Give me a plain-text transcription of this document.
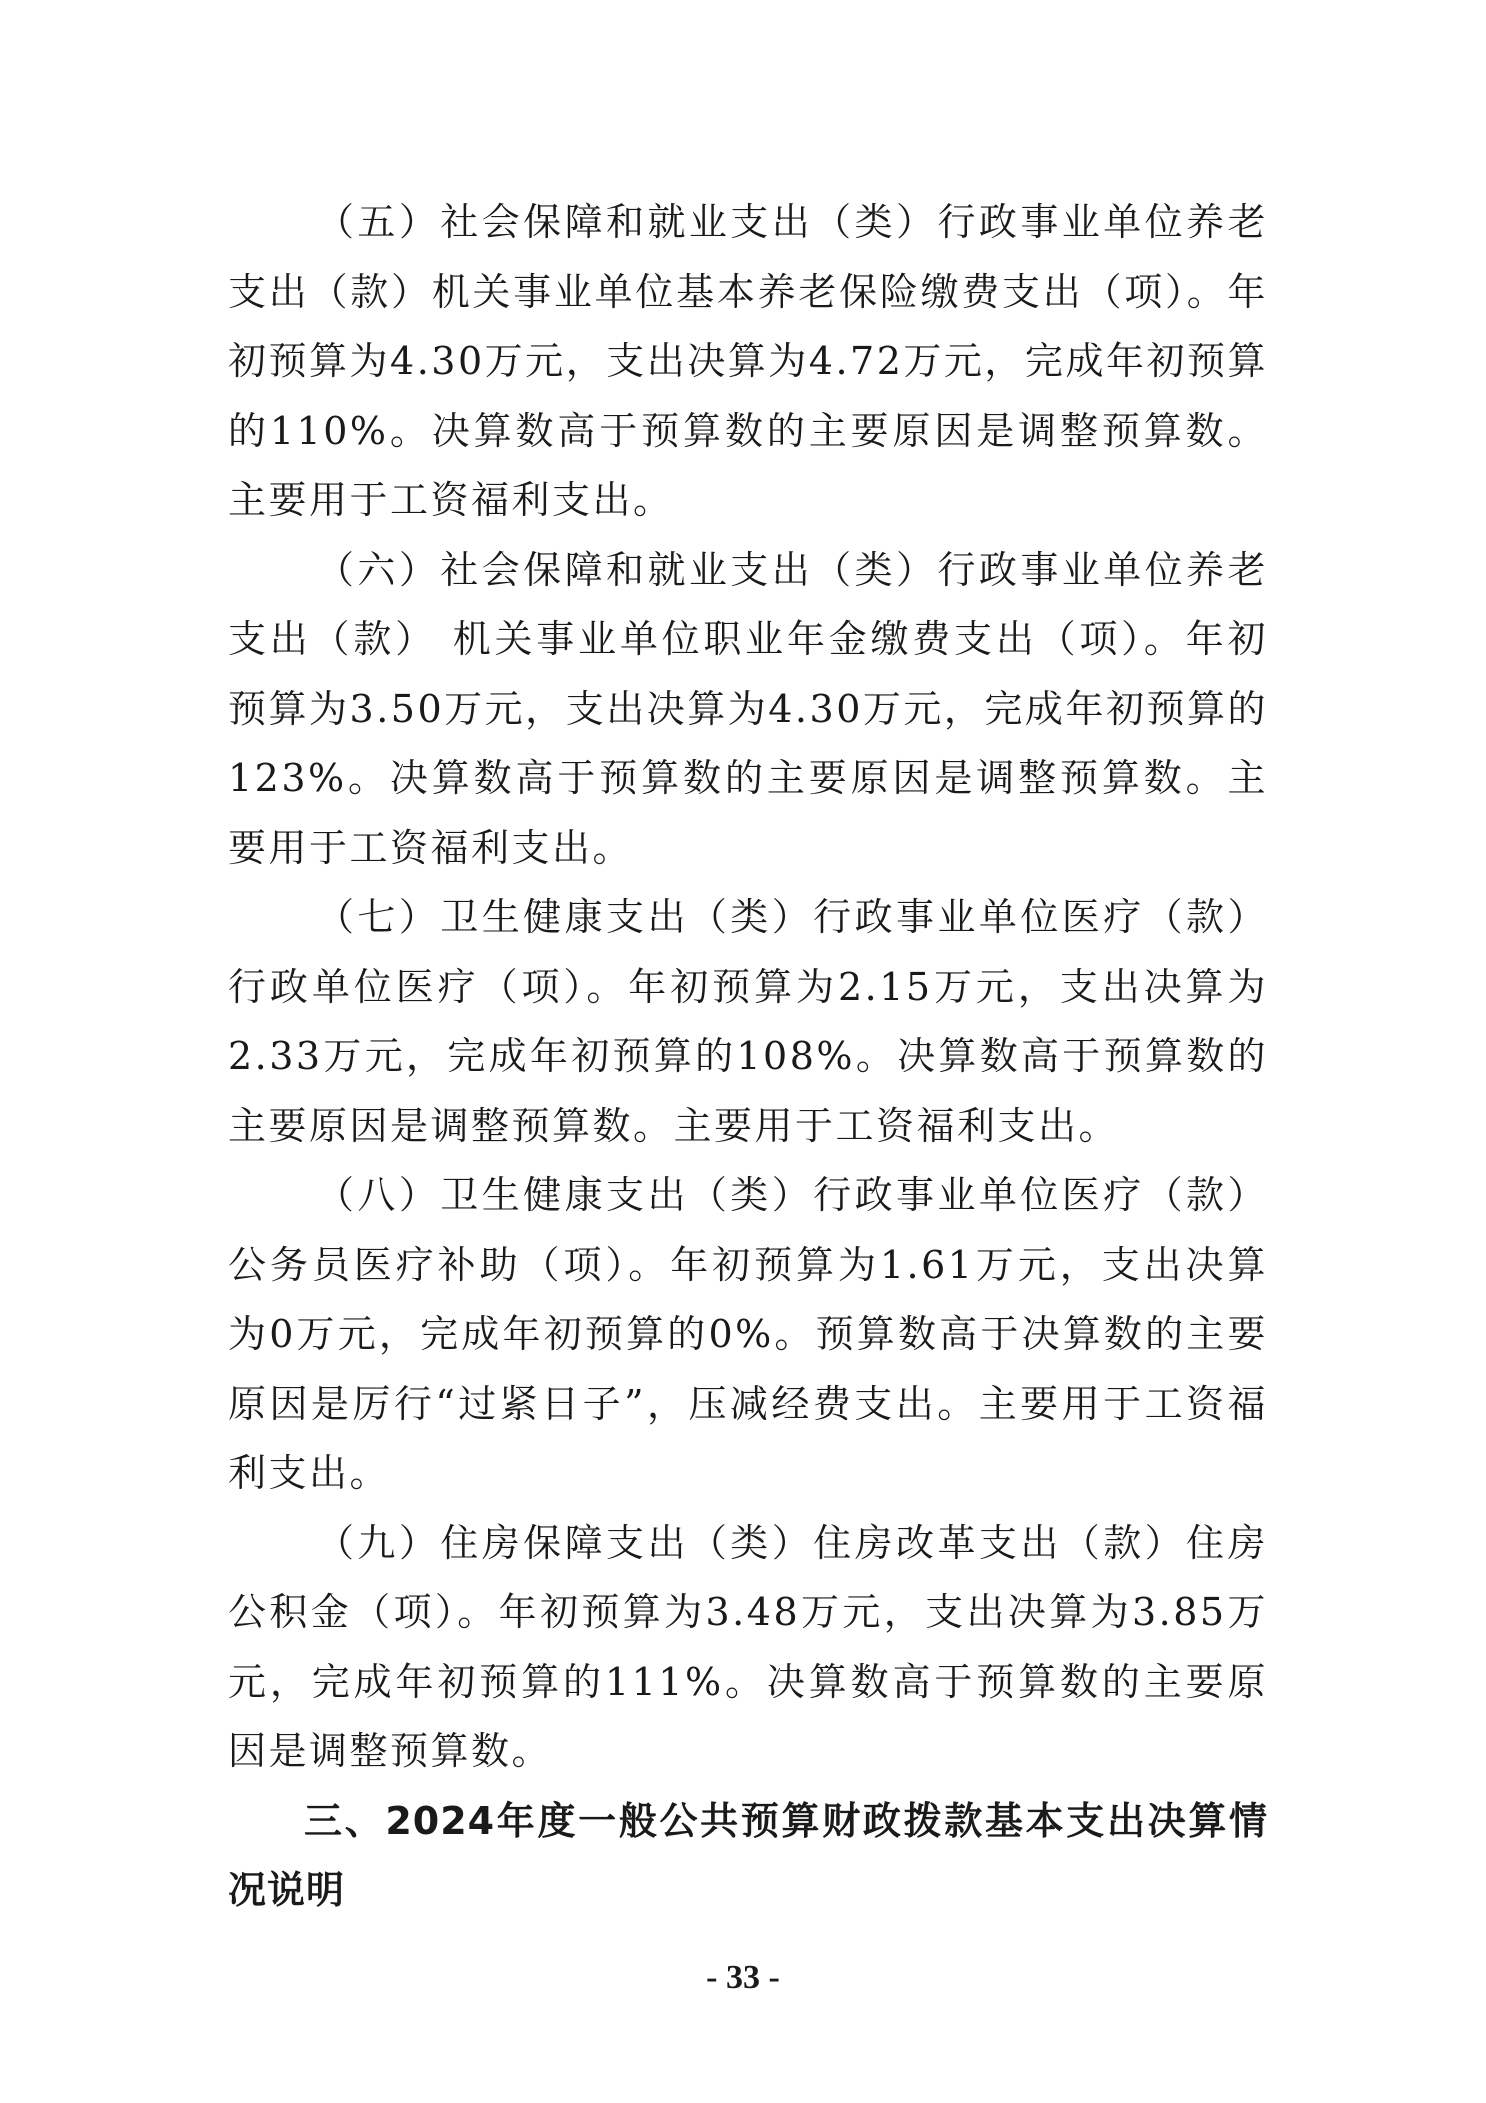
（五）社会保障和就业支出（类）行政事业单位养老支出（款）机关事业单位基本养老保险缴费支出（项）。年初预算为4.30万元，支出决算为4.72万元，完成年初预算的110%。决算数高于预算数的主要原因是调整预算数。主要用于工资福利支出。

（六）社会保障和就业支出（类）行政事业单位养老支出（款） 机关事业单位职业年金缴费支出（项）。年初预算为3.50万元，支出决算为4.30万元，完成年初预算的123%。决算数高于预算数的主要原因是调整预算数。主要用于工资福利支出。

（七）卫生健康支出（类）行政事业单位医疗（款）行政单位医疗（项）。年初预算为2.15万元，支出决算为2.33万元，完成年初预算的108%。决算数高于预算数的主要原因是调整预算数。主要用于工资福利支出。

（八）卫生健康支出（类）行政事业单位医疗（款） 公务员医疗补助（项）。年初预算为1.61万元，支出决算为0万元，完成年初预算的0%。预算数高于决算数的主要原因是厉行“过紧日子”，压减经费支出。主要用于工资福利支出。

（九）住房保障支出（类）住房改革支出（款）住房公积金（项）。年初预算为3.48万元，支出决算为3.85万元，完成年初预算的111%。决算数高于预算数的主要原因是调整预算数。

三、2024年度一般公共预算财政拨款基本支出决算情况说明

- 33 -
